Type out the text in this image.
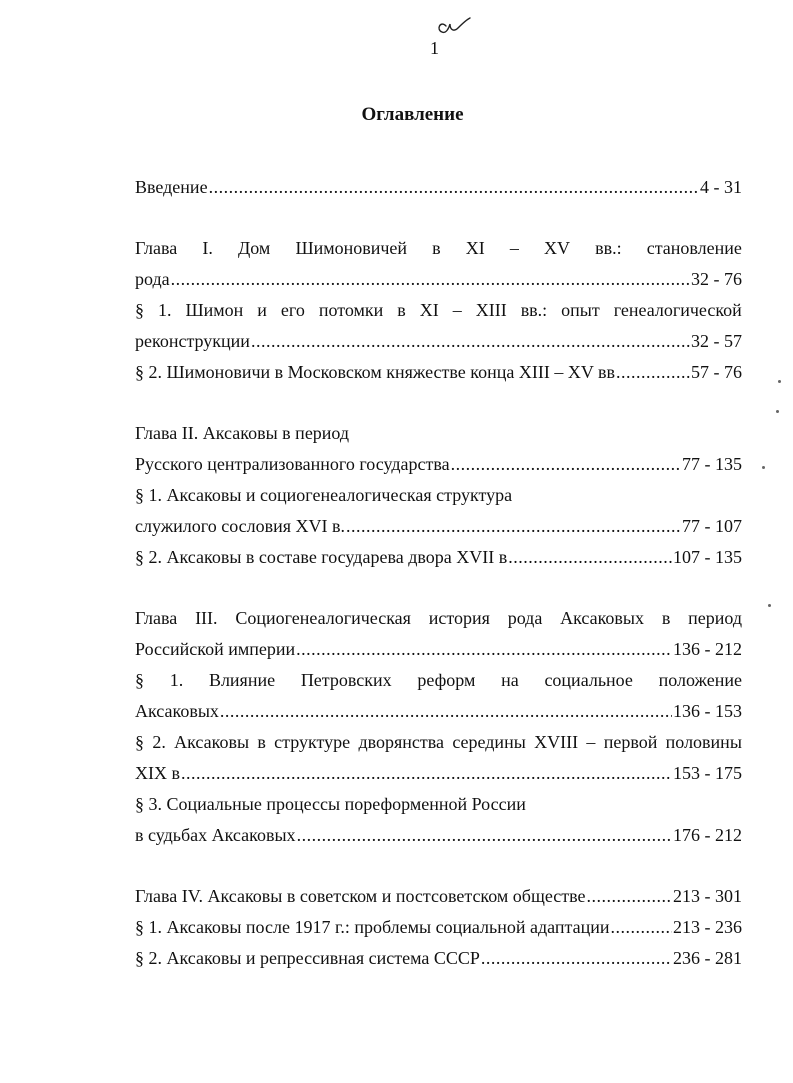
1
Оглавление
Введение .....	4 - 31
Глава I. Дом Шимоновичей в XI – XV вв.: становление
рода .....	32 - 76
§ 1. Шимон и его потомки в XI – XIII вв.: опыт генеалогической
реконструкции .....	32 - 57
§ 2. Шимоновичи в Московском княжестве конца XIII – XV вв .....	57 - 76
Глава II. Аксаковы в период
Русского централизованного государства .....	77 - 135
§ 1. Аксаковы и социогенеалогическая структура
служилого сословия XVI в. .....	77 - 107
§ 2. Аксаковы в составе государева двора XVII в .....	107 - 135
Глава III. Социогенеалогическая история рода Аксаковых в период
Российской империи .....	136 - 212
§ 1. Влияние Петровских реформ на социальное положение
Аксаковых .....	136 - 153
§ 2. Аксаковы в структуре дворянства середины XVIII – первой половины
XIX в .....	153 - 175
§ 3. Социальные процессы пореформенной России
в судьбах Аксаковых .....	176 - 212
Глава IV. Аксаковы в советском и постсоветском обществе .....	213 - 301
§ 1. Аксаковы после 1917 г.: проблемы социальной адаптации .....	213 - 236
§ 2. Аксаковы и репрессивная система СССР .....	236 - 281
